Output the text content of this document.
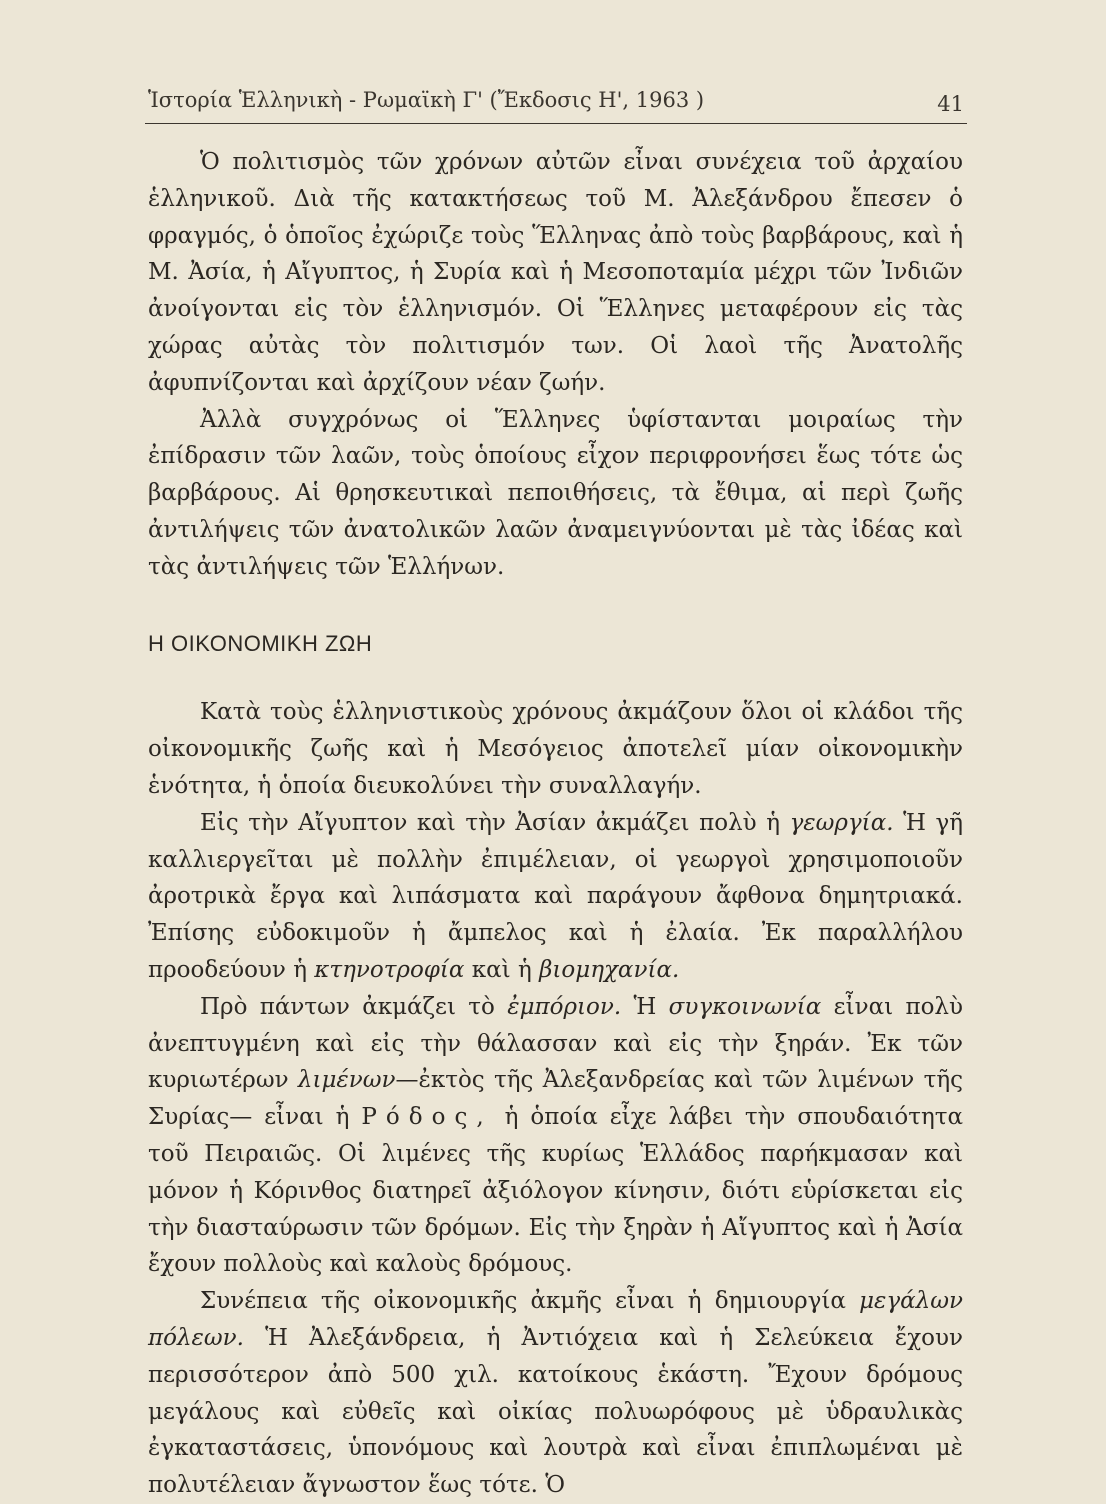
Ἱστορία Ἑλληνικὴ - Ρωμαϊκὴ Γ' (Ἔκδοσις Η', 1963 )	41

Ὁ πολιτισμὸς τῶν χρόνων αὐτῶν εἶναι συνέχεια τοῦ ἀρχαίου ἑλληνικοῦ. Διὰ τῆς κατακτήσεως τοῦ Μ. Ἀλεξάνδρου ἔπεσεν ὁ φραγμός, ὁ ὁποῖος ἐχώριζε τοὺς Ἕλληνας ἀπὸ τοὺς βαρβάρους, καὶ ἡ Μ. Ἀσία, ἡ Αἴγυπτος, ἡ Συρία καὶ ἡ Μεσοποταμία μέχρι τῶν Ἰνδιῶν ἀνοίγονται εἰς τὸν ἑλληνισμόν. Οἱ Ἕλληνες μεταφέρουν εἰς τὰς χώρας αὐτὰς τὸν πολιτισμόν των. Οἱ λαοὶ τῆς Ἀνατολῆς ἀφυπνίζονται καὶ ἀρχίζουν νέαν ζωήν.

Ἀλλὰ συγχρόνως οἱ Ἕλληνες ὑφίστανται μοιραίως τὴν ἐπίδρασιν τῶν λαῶν, τοὺς ὁποίους εἶχον περιφρονήσει ἕως τότε ὡς βαρβάρους. Αἱ θρησκευτικαὶ πεποιθήσεις, τὰ ἔθιμα, αἱ περὶ ζωῆς ἀντιλήψεις τῶν ἀνατολικῶν λαῶν ἀναμειγνύονται μὲ τὰς ἰδέας καὶ τὰς ἀντιλήψεις τῶν Ἑλλήνων.

Η ΟΙΚΟΝΟΜΙΚΗ ΖΩΗ

Κατὰ τοὺς ἑλληνιστικοὺς χρόνους ἀκμάζουν ὅλοι οἱ κλάδοι τῆς οἰκονομικῆς ζωῆς καὶ ἡ Μεσόγειος ἀποτελεῖ μίαν οἰκονομικὴν ἑνότητα, ἡ ὁποία διευκολύνει τὴν συναλλαγήν.

Εἰς τὴν Αἴγυπτον καὶ τὴν Ἀσίαν ἀκμάζει πολὺ ἡ γεωργία. Ἡ γῆ καλλιεργεῖται μὲ πολλὴν ἐπιμέλειαν, οἱ γεωργοὶ χρησιμοποιοῦν ἀροτρικὰ ἔργα καὶ λιπάσματα καὶ παράγουν ἄφθονα δημητριακά. Ἐπίσης εὐδοκιμοῦν ἡ ἄμπελος καὶ ἡ ἐλαία. Ἐκ παραλλήλου προοδεύουν ἡ κτηνοτροφία καὶ ἡ βιομηχανία.

Πρὸ πάντων ἀκμάζει τὸ ἐμπόριον. Ἡ συγκοινωνία εἶναι πολὺ ἀνεπτυγμένη καὶ εἰς τὴν θάλασσαν καὶ εἰς τὴν ξηράν. Ἐκ τῶν κυριωτέρων λιμένων—ἐκτὸς τῆς Ἀλεξανδρείας καὶ τῶν λιμένων τῆς Συρίας— εἶναι ἡ Ρόδος, ἡ ὁποία εἶχε λάβει τὴν σπουδαιότητα τοῦ Πειραιῶς. Οἱ λιμένες τῆς κυρίως Ἑλλάδος παρήκμασαν καὶ μόνον ἡ Κόρινθος διατηρεῖ ἀξιόλογον κίνησιν, διότι εὑρίσκεται εἰς τὴν διασταύρωσιν τῶν δρόμων. Εἰς τὴν ξηρὰν ἡ Αἴγυπτος καὶ ἡ Ἀσία ἔχουν πολλοὺς καὶ καλοὺς δρόμους.

Συνέπεια τῆς οἰκονομικῆς ἀκμῆς εἶναι ἡ δημιουργία μεγάλων πόλεων. Ἡ Ἀλεξάνδρεια, ἡ Ἀντιόχεια καὶ ἡ Σελεύκεια ἔχουν περισσότερον ἀπὸ 500 χιλ. κατοίκους ἑκάστη. Ἔχουν δρόμους μεγάλους καὶ εὐθεῖς καὶ οἰκίας πολυωρόφους μὲ ὑδραυλικὰς ἐγκαταστάσεις, ὑπονόμους καὶ λουτρὰ καὶ εἶναι ἐπιπλωμέναι μὲ πολυτέλειαν ἄγνωστον ἕως τότε. Ὁ
